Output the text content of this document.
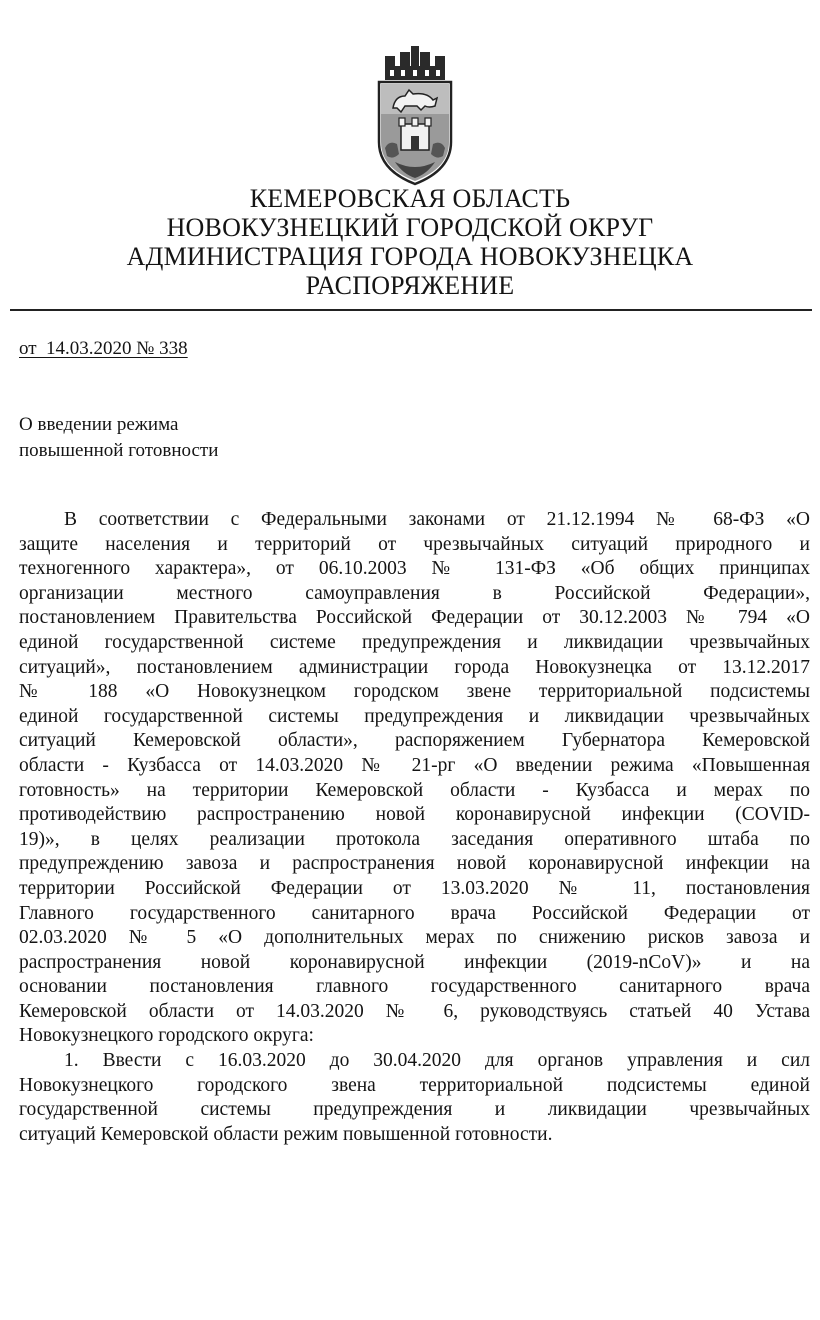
КЕМЕРОВСКАЯ ОБЛАСТЬ
НОВОКУЗНЕЦКИЙ ГОРОДСКОЙ ОКРУГ
АДМИНИСТРАЦИЯ ГОРОДА НОВОКУЗНЕЦКА
РАСПОРЯЖЕНИЕ
от  14.03.2020 № 338
О введении режима
повышенной готовности
В соответствии с Федеральными законами от 21.12.1994 № 68-ФЗ «О
защите населения и территорий от чрезвычайных ситуаций природного и
техногенного характера», от 06.10.2003 № 131-ФЗ «Об общих принципах
организации местного самоуправления в Российской Федерации»,
постановлением Правительства Российской Федерации от 30.12.2003 № 794 «О
единой государственной системе предупреждения и ликвидации чрезвычайных
ситуаций», постановлением администрации города Новокузнецка от 13.12.2017
№ 188 «О Новокузнецком городском звене территориальной подсистемы
единой государственной системы предупреждения и ликвидации чрезвычайных
ситуаций Кемеровской области», распоряжением Губернатора Кемеровской
области - Кузбасса от 14.03.2020 № 21-рг «О введении режима «Повышенная
готовность» на территории Кемеровской области - Кузбасса и мерах по
противодействию распространению новой коронавирусной инфекции (COVID-
19)», в целях реализации протокола заседания оперативного штаба по
предупреждению завоза и распространения новой коронавирусной инфекции на
территории Российской Федерации от 13.03.2020 № 11, постановления
Главного государственного санитарного врача Российской Федерации от
02.03.2020 № 5 «О дополнительных мерах по снижению рисков завоза и
распространения новой коронавирусной инфекции (2019-nCoV)» и на
основании постановления главного государственного санитарного врача
Кемеровской области от 14.03.2020 № 6, руководствуясь статьей 40 Устава
Новокузнецкого городского округа:
1. Ввести с 16.03.2020 до 30.04.2020 для органов управления и сил
Новокузнецкого городского звена территориальной подсистемы единой
государственной системы предупреждения и ликвидации чрезвычайных
ситуаций Кемеровской области режим повышенной готовности.
